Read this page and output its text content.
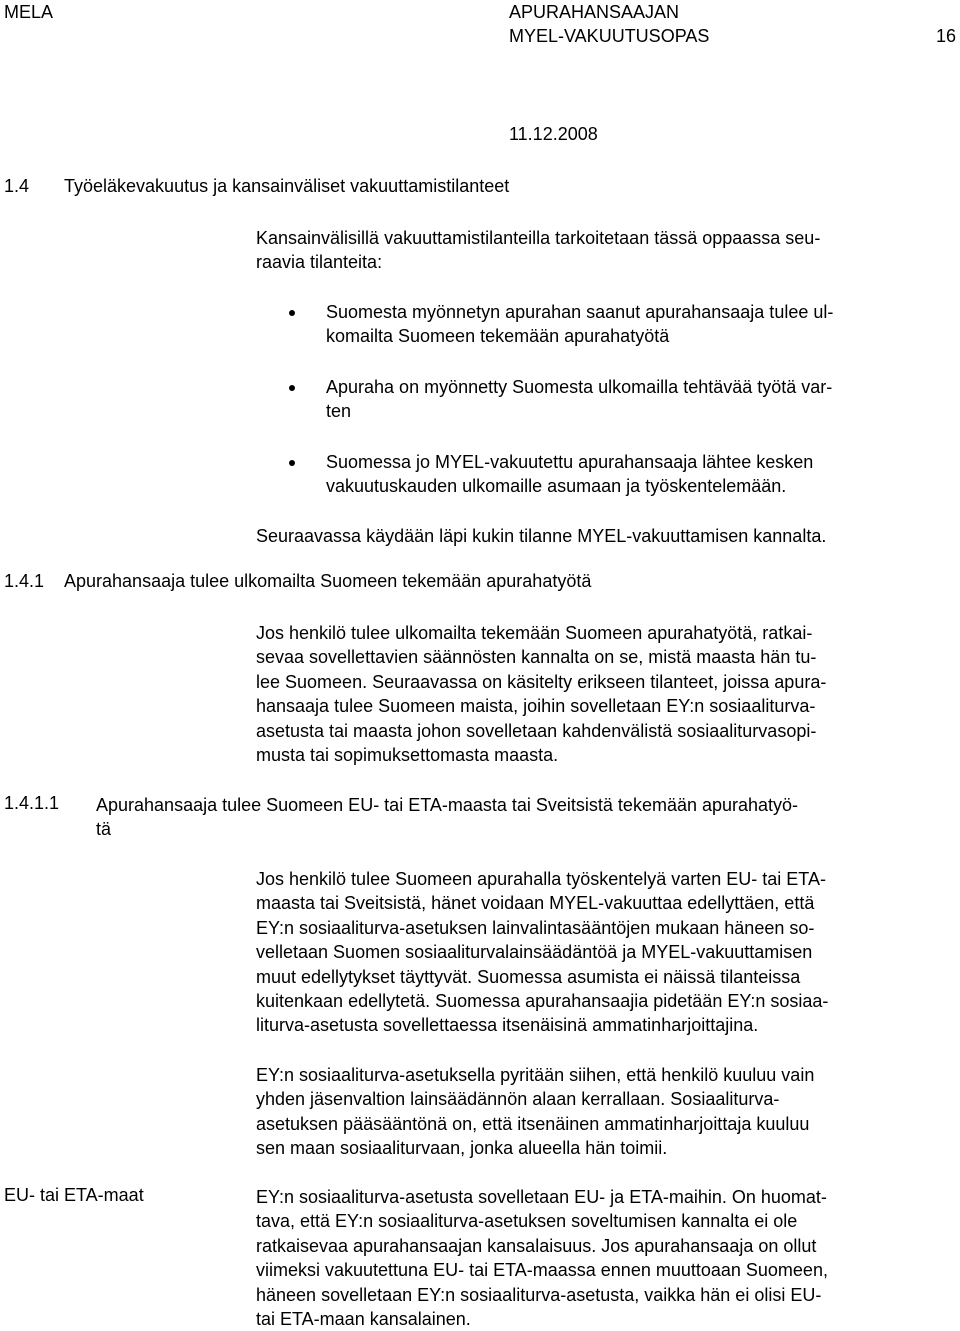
MELA	APURAHANSAAJAN
MYEL-VAKUUTUSOPAS	16
11.12.2008
1.4 Työeläkevakuutus ja kansainväliset vakuuttamistilanteet
Kansainvälisillä vakuuttamistilanteilla tarkoitetaan tässä oppaassa seu-
raavia tilanteita:
Suomesta myönnetyn apurahan saanut apurahansaaja tulee ul-
komailta Suomeen tekemään apurahatyötä
Apuraha on myönnetty Suomesta ulkomailla tehtävää työtä var-
ten
Suomessa jo MYEL-vakuutettu apurahansaaja lähtee kesken
vakuutuskauden ulkomaille asumaan ja työskentelemään.
Seuraavassa käydään läpi kukin tilanne MYEL-vakuuttamisen kannalta.
1.4.1 Apurahansaaja tulee ulkomailta Suomeen tekemään apurahatyötä
Jos henkilö tulee ulkomailta tekemään Suomeen apurahatyötä, ratkai-
sevaa sovellettavien säännösten kannalta on se, mistä maasta hän tu-
lee Suomeen. Seuraavassa on käsitelty erikseen tilanteet, joissa apura-
hansaaja tulee Suomeen maista, joihin sovelletaan EY:n sosiaaliturva-
asetusta tai maasta johon sovelletaan kahdenvälistä sosiaaliturvasopi-
musta tai sopimuksettomasta maasta.
1.4.1.1 Apurahansaaja tulee Suomeen EU- tai ETA-maasta tai Sveitsistä tekemään apurahatyö-
tä
Jos henkilö tulee Suomeen apurahalla työskentelyä varten EU- tai ETA-
maasta tai Sveitsistä, hänet voidaan MYEL-vakuuttaa edellyttäen, että
EY:n sosiaaliturva-asetuksen lainvalintasääntöjen mukaan häneen so-
velletaan Suomen sosiaaliturvalainsäädäntöä ja MYEL-vakuuttamisen
muut edellytykset täyttyvät. Suomessa asumista ei näissä tilanteissa
kuitenkaan edellytetä. Suomessa apurahansaajia pidetään EY:n sosiaa-
liturva-asetusta sovellettaessa itsenäisinä ammatinharjoittajina.
EY:n sosiaaliturva-asetuksella pyritään siihen, että henkilö kuuluu vain
yhden jäsenvaltion lainsäädännön alaan kerrallaan. Sosiaaliturva-
asetuksen pääsääntönä on, että itsenäinen ammatinharjoittaja kuuluu
sen maan sosiaaliturvaan, jonka alueella hän toimii.
EU- tai ETA-maat	EY:n sosiaaliturva-asetusta sovelletaan EU- ja ETA-maihin. On huomat-
tava, että EY:n sosiaaliturva-asetuksen soveltumisen kannalta ei ole
ratkaisevaa apurahansaajan kansalaisuus. Jos apurahansaaja on ollut
viimeksi vakuutettuna EU- tai ETA-maassa ennen muuttoaan Suomeen,
häneen sovelletaan EY:n sosiaaliturva-asetusta, vaikka hän ei olisi EU-
tai ETA-maan kansalainen.
